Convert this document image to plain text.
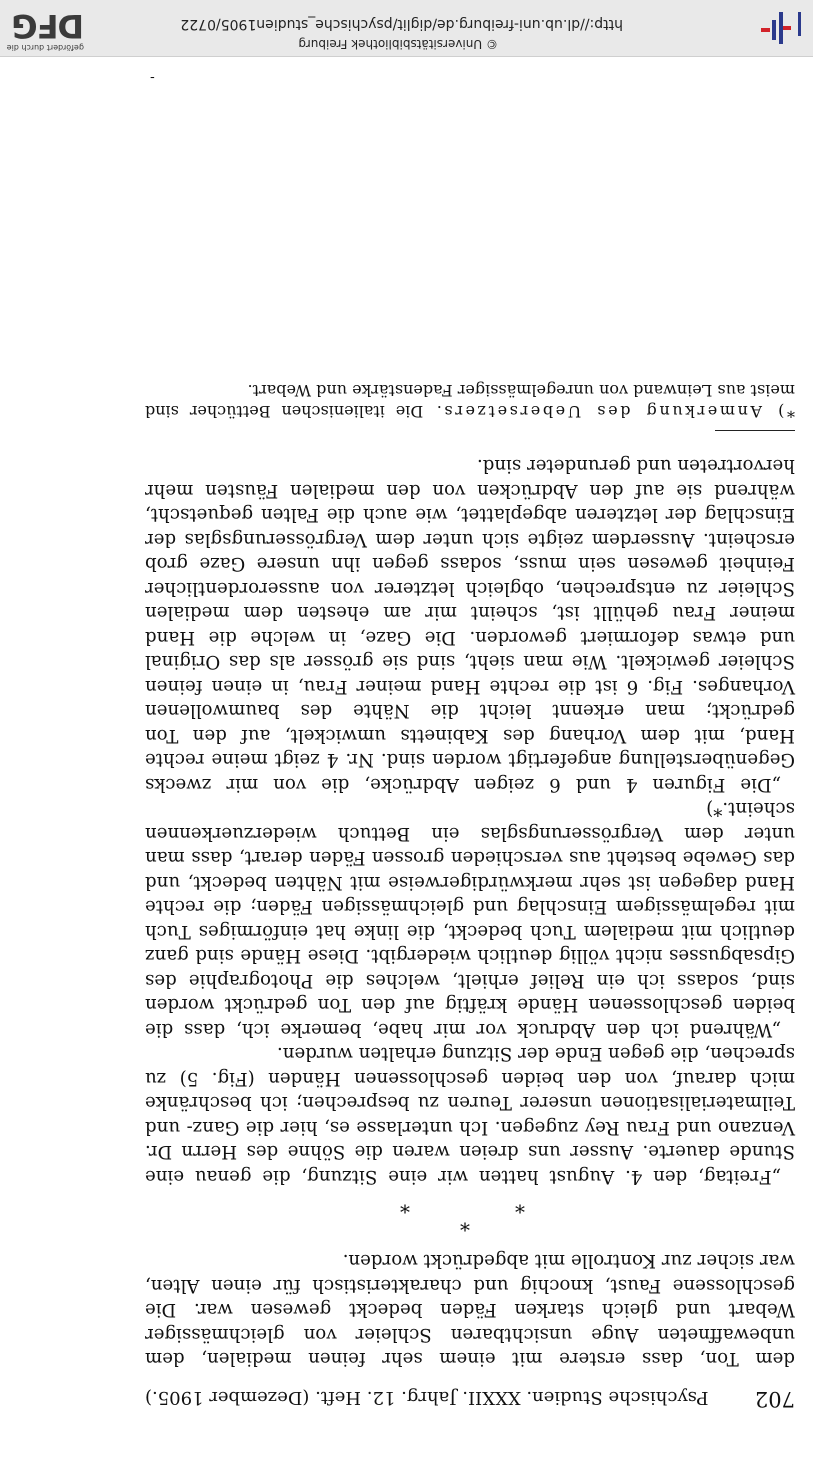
702
Psychische Studien. XXXII. Jahrg. 12. Heft. (Dezember 1905.)

dem Ton, dass erstere mit einem sehr feinen medialen, dem unbewaffneten Auge unsichtbaren Schleier von gleichmässiger Webart und gleich starken Fäden bedeckt gewesen war. Die geschlossene Faust, knochig und charakteristisch für einen Alten, war sicher zur Kontrolle mit abgedrückt worden.

*
*
*

„Freitag, den 4. August hatten wir eine Sitzung, die genau eine Stunde dauerte. Ausser uns dreien waren die Söhne des Herrn Dr. Venzano und Frau Rey zugegen. Ich unterlasse es, hier die Ganz- und Teilmaterialisationen unserer Teuren zu besprechen; ich beschränke mich darauf, von den beiden geschlossenen Händen (Fig. 5) zu sprechen, die gegen Ende der Sitzung erhalten wurden.

„Während ich den Abdruck vor mir habe, bemerke ich, dass die beiden geschlossenen Hände kräftig auf den Ton gedrückt worden sind, sodass ich ein Relief erhielt, welches die Photographie des Gipsabgusses nicht völlig deutlich wiedergibt. Diese Hände sind ganz deutlich mit medialem Tuch bedeckt, die linke hat einförmiges Tuch mit regelmässigem Einschlag und gleichmässigen Fäden; die rechte Hand dagegen ist sehr merkwürdigerweise mit Nähten bedeckt, und das Gewebe besteht aus verschieden grossen Fäden derart, dass man unter dem Vergrösserungsglas ein Bettuch wiederzuerkennen scheint.*)

„Die Figuren 4 und 6 zeigen Abdrücke, die von mir zwecks Gegenüberstellung angefertigt worden sind. Nr. 4 zeigt meine rechte Hand, mit dem Vorhang des Kabinetts umwickelt, auf den Ton gedrückt; man erkennt leicht die Nähte des baumwollenen Vorhanges. Fig. 6 ist die rechte Hand meiner Frau, in einen feinen Schleier gewickelt. Wie man sieht, sind sie grösser als das Original und etwas deformiert geworden. Die Gaze, in welche die Hand meiner Frau gehüllt ist, scheint mir am ehesten dem medialen Schleier zu entsprechen, obgleich letzterer von ausserordentlicher Feinheit gewesen sein muss, sodass gegen ihn unsere Gaze grob erscheint. Ausserdem zeigte sich unter dem Vergrösserungsglas der Einschlag der letzteren abgeplattet, wie auch die Falten gequetscht, während sie auf den Abdrücken von den medialen Fäusten mehr hervortreten und gerundeter sind.

*) Anmerkung des Uebersetzers. Die italienischen Bettücher sind meist aus Leinwand von unregelmässiger Fadenstärke und Webart.
-
© Universitätsbibliothek Freiburg
http://dl.ub.uni-freiburg.de/diglit/psychische_studien1905/0722
gefördert durch die
DFG
